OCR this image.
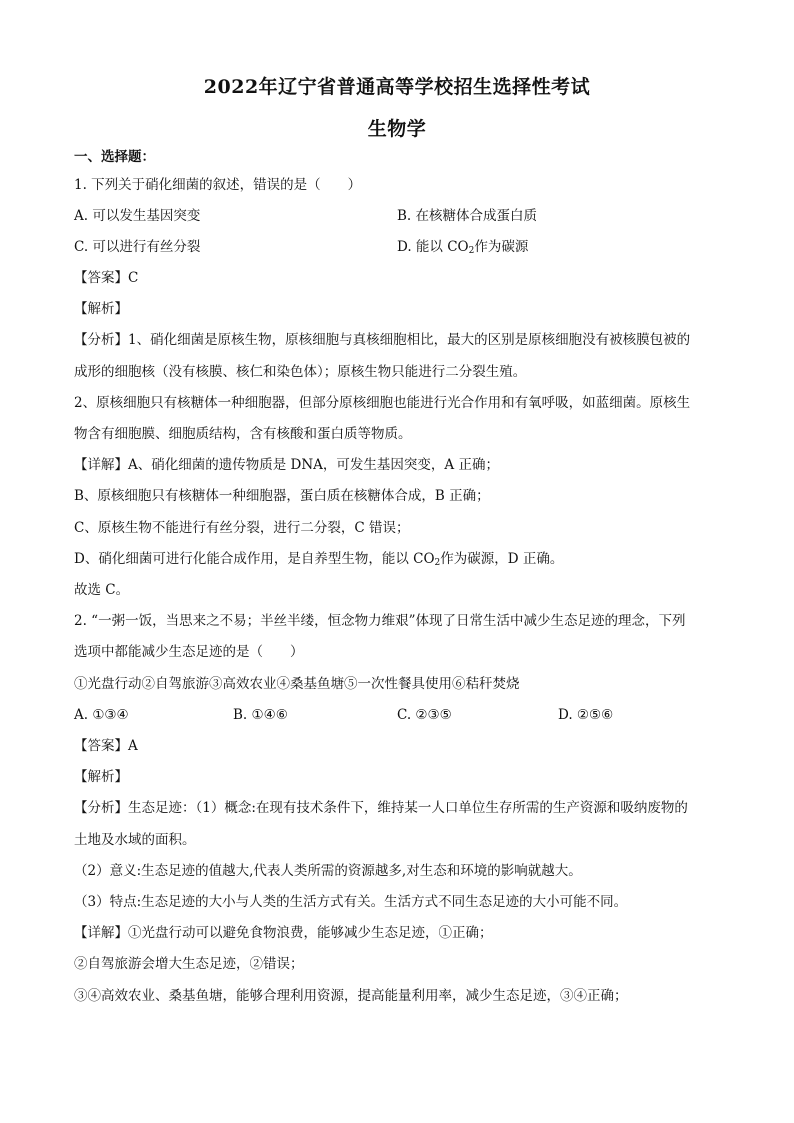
2022年辽宁省普通高等学校招生选择性考试
生物学
一、选择题：
1. 下列关于硝化细菌的叙述，错误的是（　　）
A. 可以发生基因突变	B. 在核糖体合成蛋白质
C. 可以进行有丝分裂	D. 能以 $CO_2$作为碳源
【答案】C
【解析】
【分析】1、硝化细菌是原核生物，原核细胞与真核细胞相比，最大的区别是原核细胞没有被核膜包被的
成形的细胞核（没有核膜、核仁和染色体）；原核生物只能进行二分裂生殖。
2、原核细胞只有核糖体一种细胞器，但部分原核细胞也能进行光合作用和有氧呼吸，如蓝细菌。原核生
物含有细胞膜、细胞质结构，含有核酸和蛋白质等物质。
【详解】A、硝化细菌的遗传物质是 DNA，可发生基因突变，A 正确；
B、原核细胞只有核糖体一种细胞器，蛋白质在核糖体合成，B 正确；
C、原核生物不能进行有丝分裂，进行二分裂，C 错误；
D、硝化细菌可进行化能合成作用，是自养型生物，能以 $CO_2$作为碳源，D 正确。
故选 C。
2. “一粥一饭，当思来之不易；半丝半缕，恒念物力维艰”体现了日常生活中减少生态足迹的理念，下列
选项中都能减少生态足迹的是（　　）
①光盘行动②自驾旅游③高效农业④桑基鱼塘⑤一次性餐具使用⑥秸秆焚烧
A. ①③④	B. ①④⑥	C. ②③⑤	D. ②⑤⑥
【答案】A
【解析】
【分析】生态足迹：（1）概念:在现有技术条件下，维持某一人口单位生存所需的生产资源和吸纳废物的
土地及水域的面积。
（2）意义:生态足迹的值越大,代表人类所需的资源越多,对生态和环境的影响就越大。
（3）特点:生态足迹的大小与人类的生活方式有关。生活方式不同生态足迹的大小可能不同。
【详解】①光盘行动可以避免食物浪费，能够减少生态足迹，①正确；
②自驾旅游会增大生态足迹，②错误；
③④高效农业、桑基鱼塘，能够合理利用资源，提高能量利用率，减少生态足迹，③④正确；
